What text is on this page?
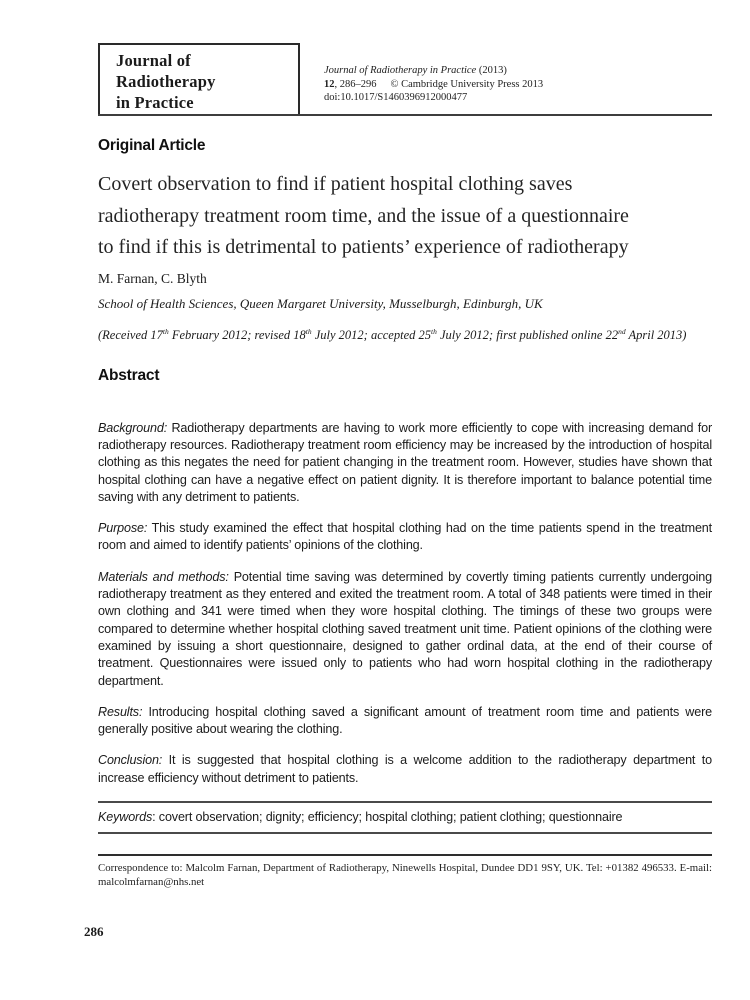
Journal of
Radiotherapy
in Practice
Journal of Radiotherapy in Practice (2013)
12, 286–296 © Cambridge University Press 2013
doi:10.1017/S1460396912000477
Original Article
Covert observation to find if patient hospital clothing saves
radiotherapy treatment room time, and the issue of a questionnaire
to find if this is detrimental to patients’ experience of radiotherapy
M. Farnan, C. Blyth
School of Health Sciences, Queen Margaret University, Musselburgh, Edinburgh, UK
(Received 17th February 2012; revised 18th July 2012; accepted 25th July 2012; first published online 22nd April 2013)
Abstract

Background: Radiotherapy departments are having to work more efficiently to cope with increasing demand for radiotherapy resources. Radiotherapy treatment room efficiency may be increased by the introduction of hospital clothing as this negates the need for patient changing in the treatment room. However, studies have shown that hospital clothing can have a negative effect on patient dignity. It is therefore important to balance potential time saving with any detriment to patients.

Purpose: This study examined the effect that hospital clothing had on the time patients spend in the treatment room and aimed to identify patients’ opinions of the clothing.

Materials and methods: Potential time saving was determined by covertly timing patients currently undergoing radiotherapy treatment as they entered and exited the treatment room. A total of 348 patients were timed in their own clothing and 341 were timed when they wore hospital clothing. The timings of these two groups were compared to determine whether hospital clothing saved treatment unit time. Patient opinions of the clothing were examined by issuing a short questionnaire, designed to gather ordinal data, at the end of their course of treatment. Questionnaires were issued only to patients who had worn hospital clothing in the radiotherapy department.

Results: Introducing hospital clothing saved a significant amount of treatment room time and patients were generally positive about wearing the clothing.

Conclusion: It is suggested that hospital clothing is a welcome addition to the radiotherapy department to increase efficiency without detriment to patients.

Keywords: covert observation; dignity; efficiency; hospital clothing; patient clothing; questionnaire

Correspondence to: Malcolm Farnan, Department of Radiotherapy, Ninewells Hospital, Dundee DD1 9SY, UK. Tel: +01382 496533. E-mail: malcolmfarnan@nhs.net

286
